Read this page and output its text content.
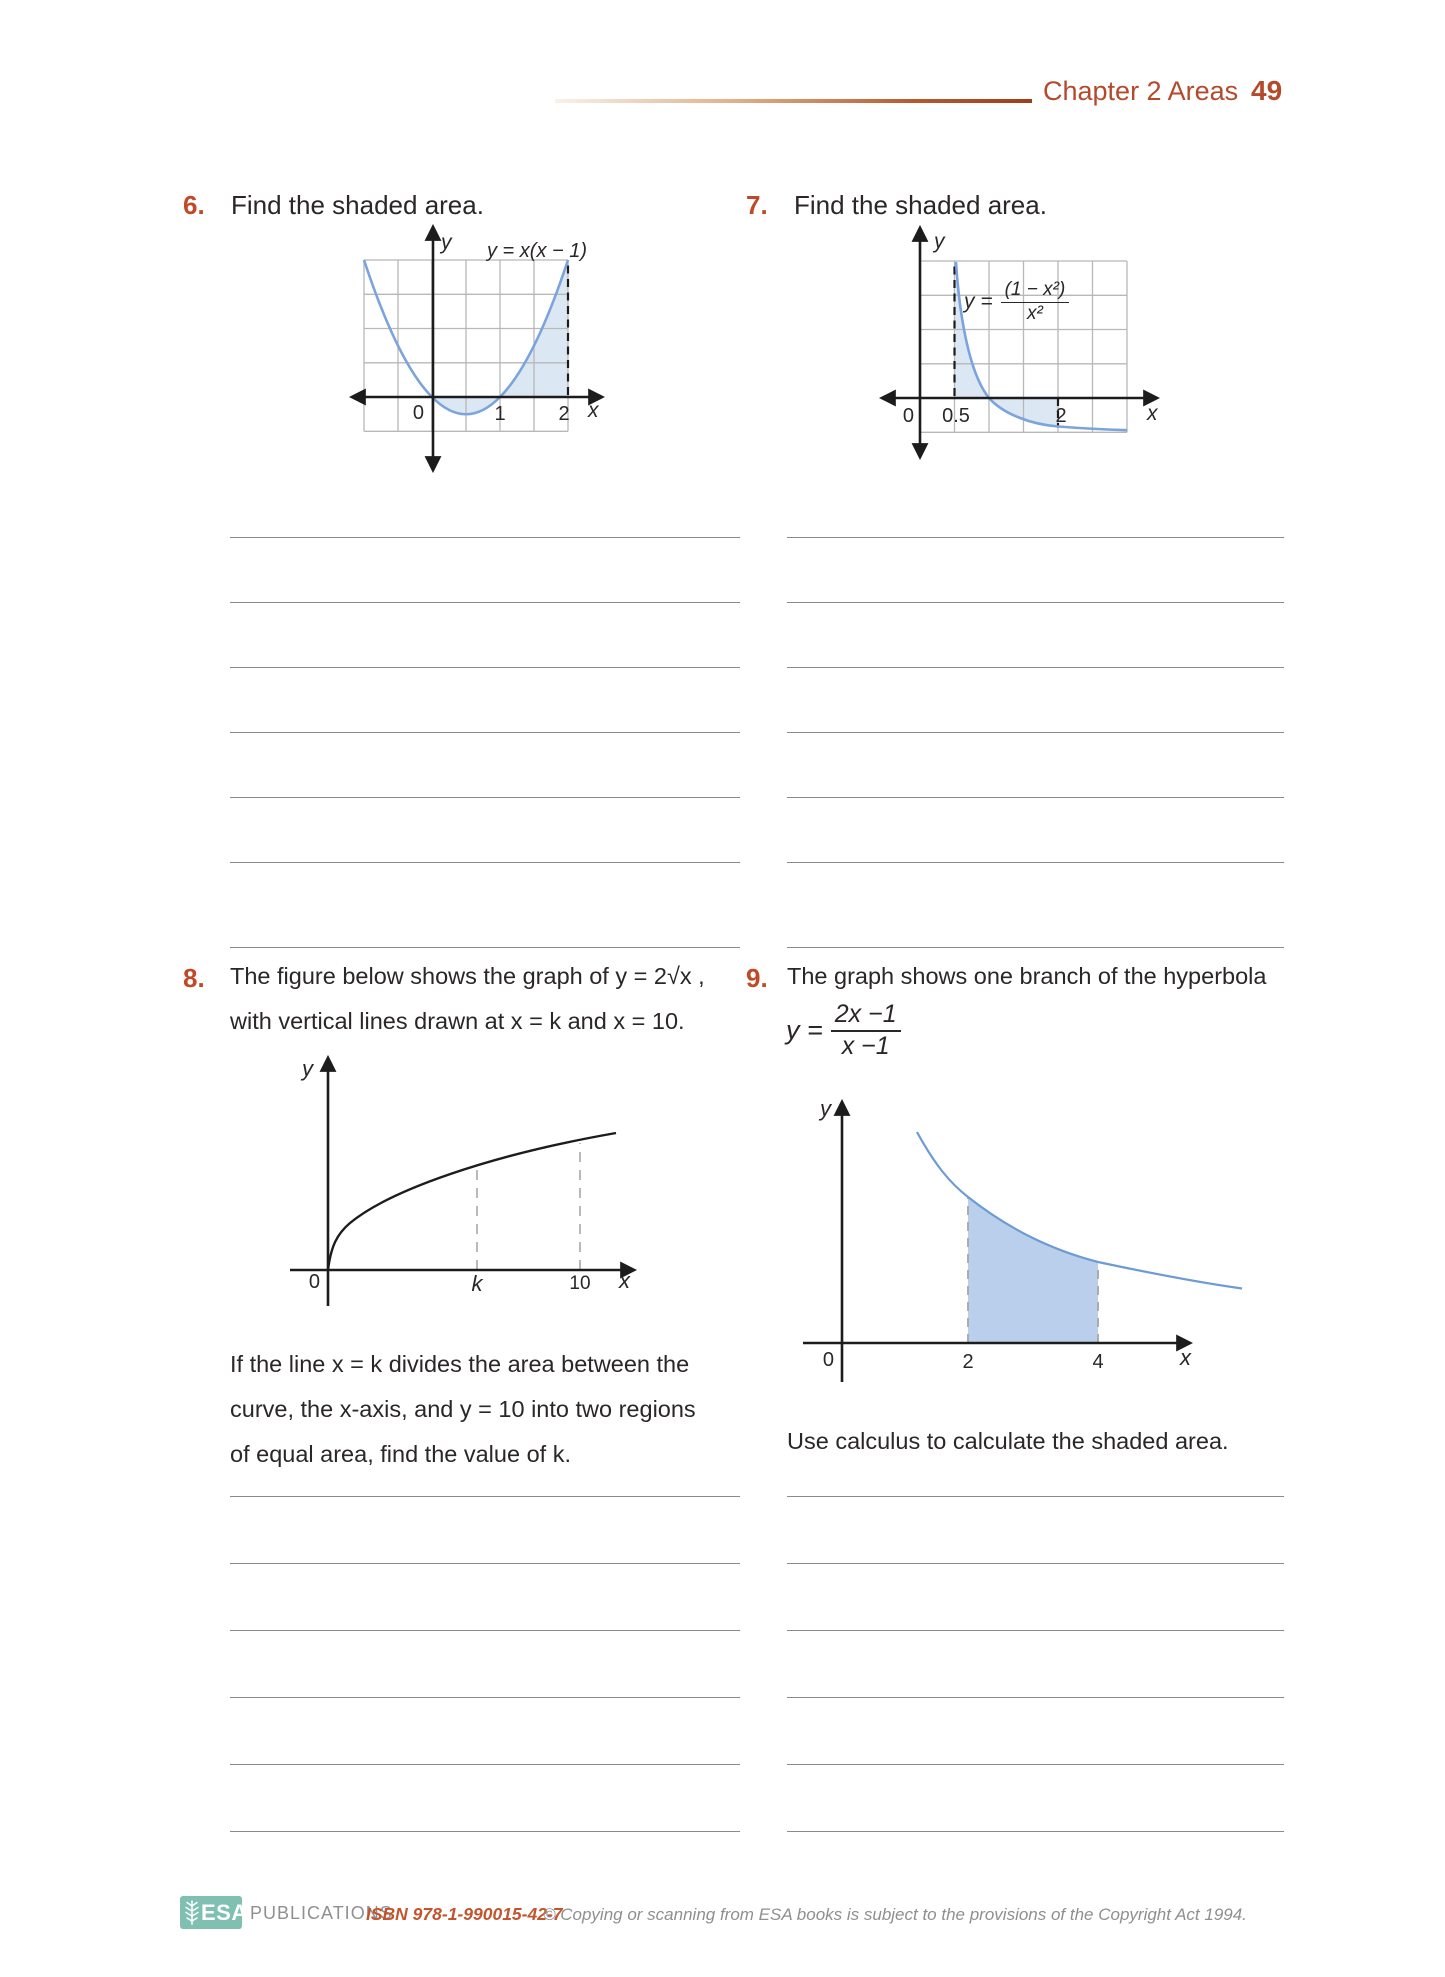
Chapter 2 Areas 49
6. Find the shaded area.
y = x(x − 1)
0	1	2 x
y
7. Find the shaded area.
0 0.5	2	x
y
$y = \frac{\text{(1 − x²)}}{\text{x²}}$
8. The figure below shows the graph of y = 2√x ,
with vertical lines drawn at x = k and x = 10.
0	k	10 x
y
If the line x = k divides the area between the
curve, the x-axis, and y = 10 into two regions
of equal area, find the value of k.
9. The graph shows one branch of the hyperbola
$y = \frac{2x -1}{x -1}$
0	2	4	x
y
Use calculus to calculate the shaded area.
ESA PUBLICATIONS
ISBN 978-1-990015-42-7
© Copying or scanning from ESA books is subject to the provisions of the Copyright Act 1994.
